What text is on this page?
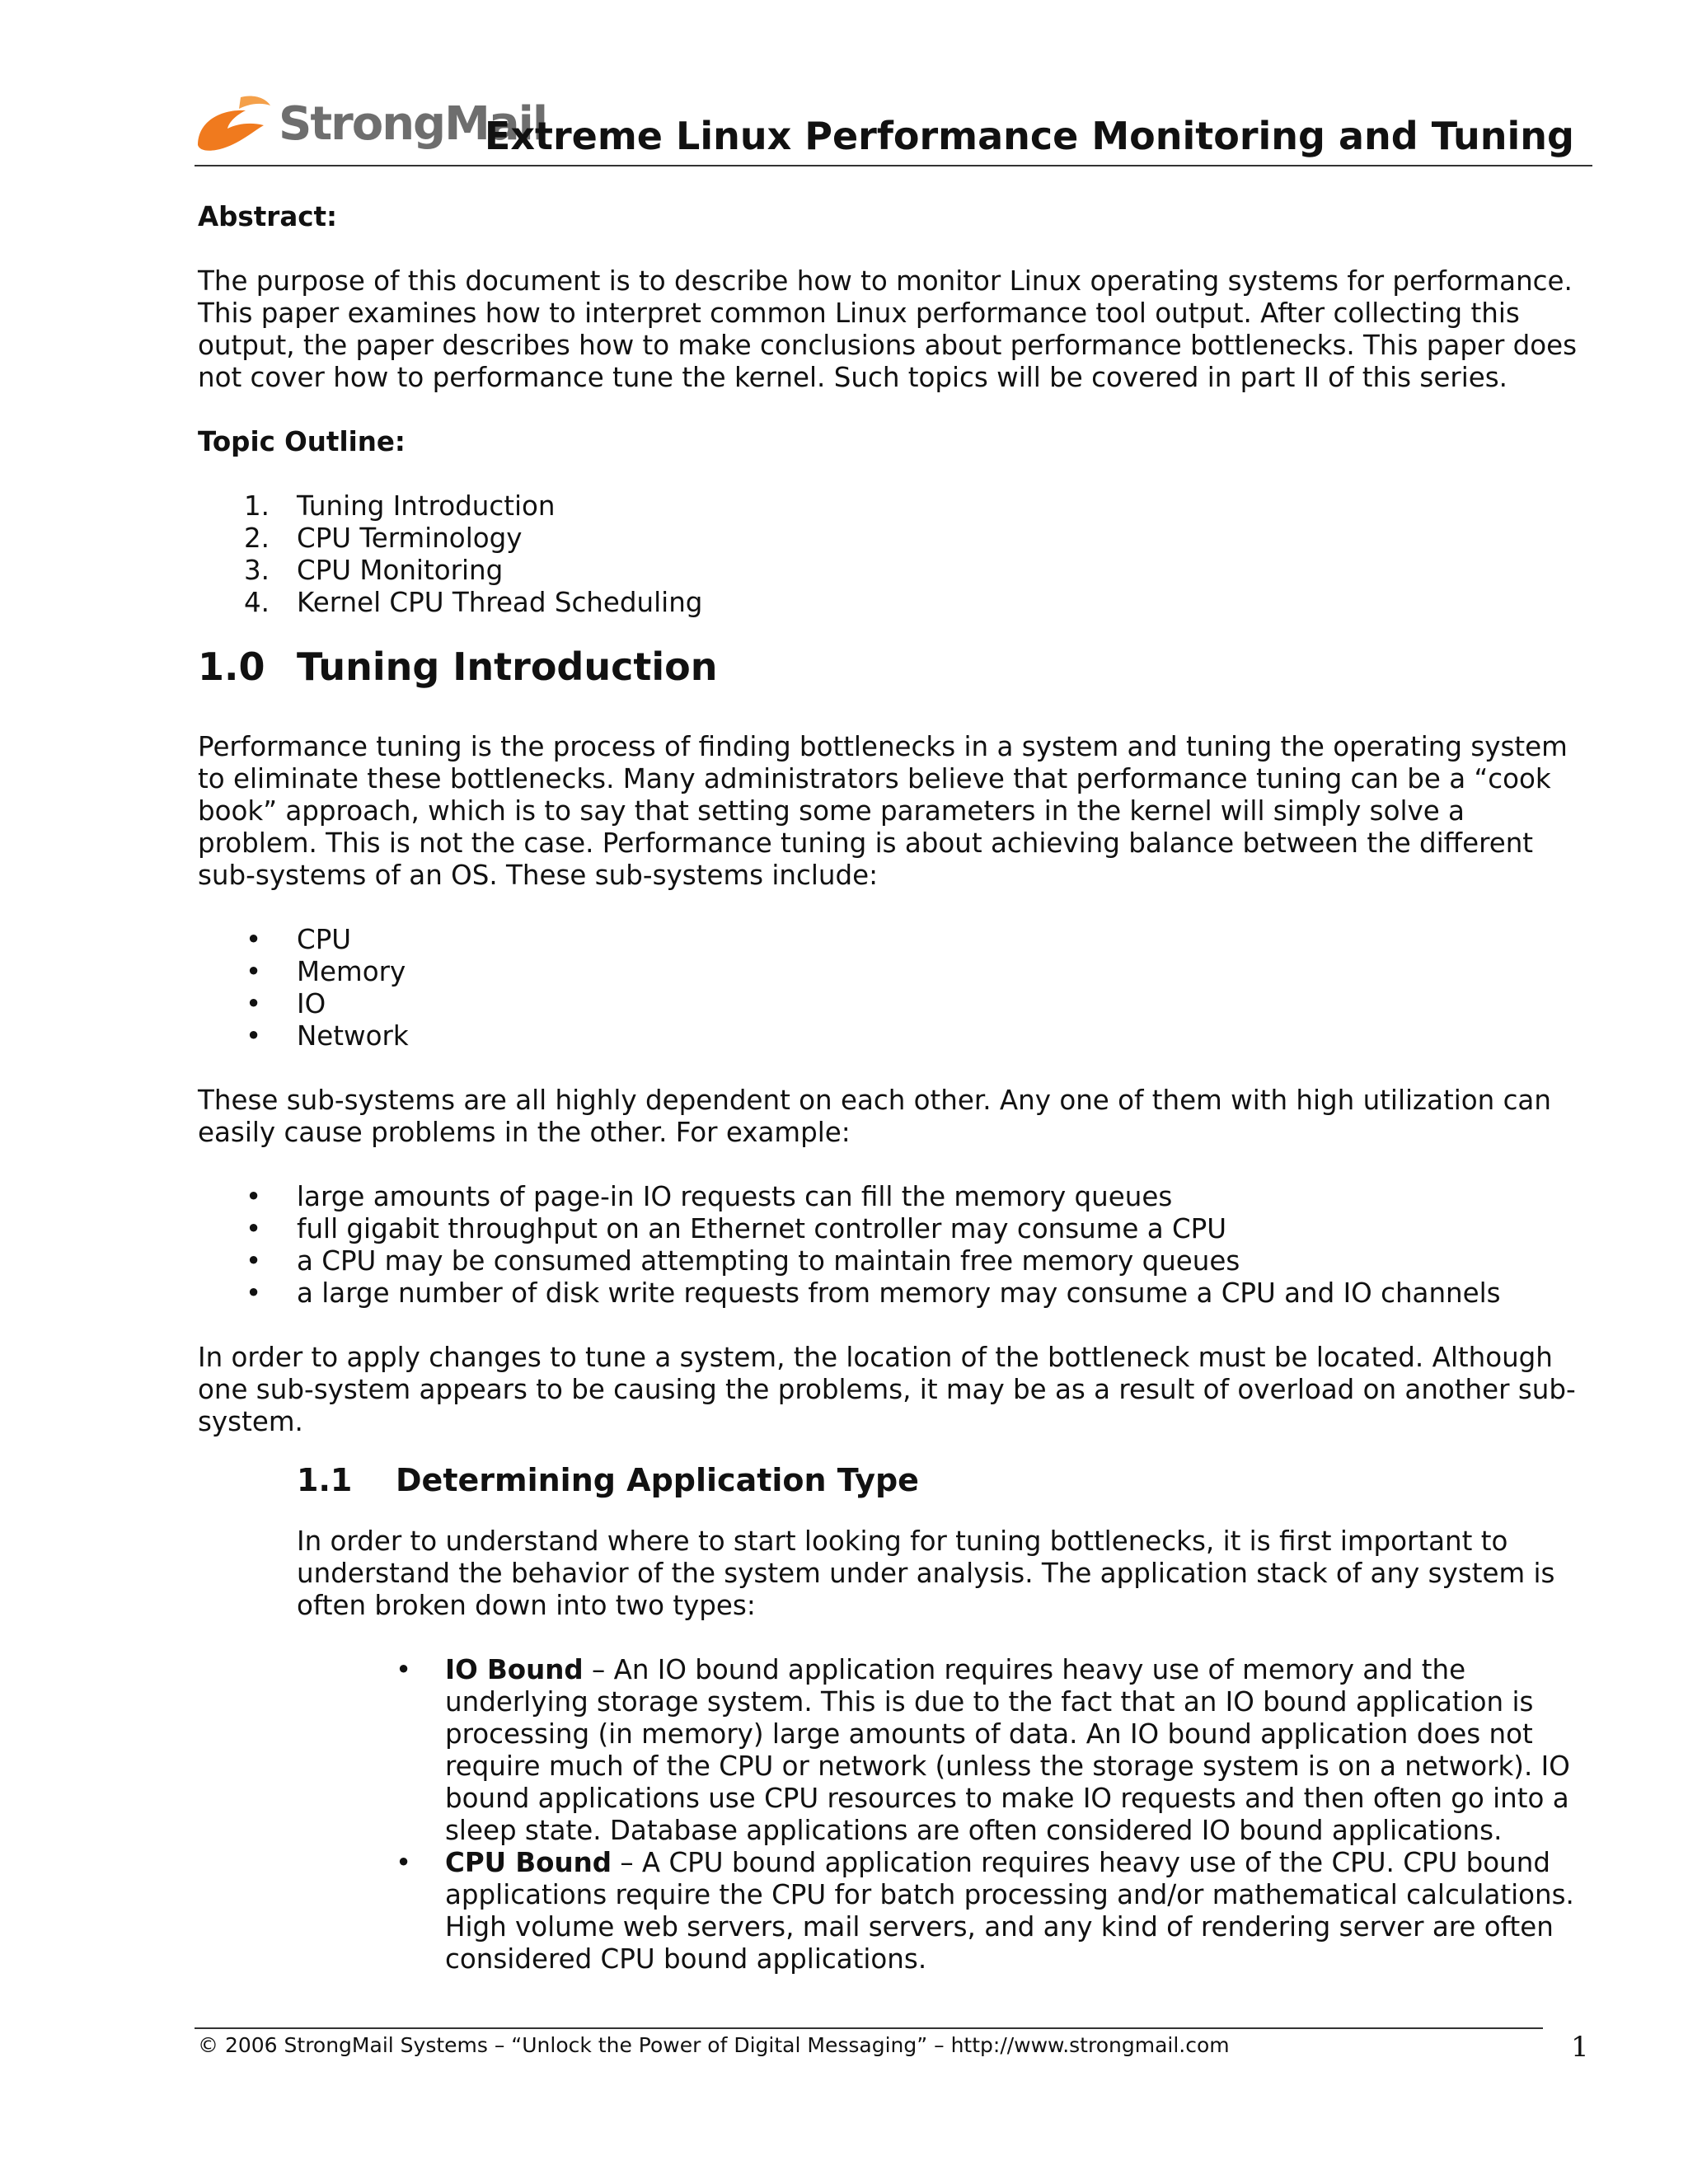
StrongMail
Extreme Linux Performance Monitoring and Tuning

Abstract:

The purpose of this document is to describe how to monitor Linux operating systems for performance. This paper examines how to interpret common Linux performance tool output. After collecting this output, the paper describes how to make conclusions about performance bottlenecks. This paper does not cover how to performance tune the kernel. Such topics will be covered in part II of this series.

Topic Outline:

1. Tuning Introduction
2. CPU Terminology
3. CPU Monitoring
4. Kernel CPU Thread Scheduling
1.0 Tuning Introduction

Performance tuning is the process of finding bottlenecks in a system and tuning the operating system to eliminate these bottlenecks. Many administrators believe that performance tuning can be a “cook book” approach, which is to say that setting some parameters in the kernel will simply solve a problem. This is not the case. Performance tuning is about achieving balance between the different sub-systems of an OS. These sub-systems include:

• CPU
• Memory
• IO
• Network

These sub-systems are all highly dependent on each other. Any one of them with high utilization can easily cause problems in the other. For example:

• large amounts of page-in IO requests can fill the memory queues
• full gigabit throughput on an Ethernet controller may consume a CPU
• a CPU may be consumed attempting to maintain free memory queues
• a large number of disk write requests from memory may consume a CPU and IO channels

In order to apply changes to tune a system, the location of the bottleneck must be located. Although one sub-system appears to be causing the problems, it may be as a result of overload on another sub-system.

1.1	Determining Application Type

In order to understand where to start looking for tuning bottlenecks, it is first important to understand the behavior of the system under analysis. The application stack of any system is often broken down into two types:

• IO Bound – An IO bound application requires heavy use of memory and the underlying storage system. This is due to the fact that an IO bound application is processing (in memory) large amounts of data. An IO bound application does not require much of the CPU or network (unless the storage system is on a network). IO bound applications use CPU resources to make IO requests and then often go into a sleep state. Database applications are often considered IO bound applications.
• CPU Bound – A CPU bound application requires heavy use of the CPU. CPU bound applications require the CPU for batch processing and/or mathematical calculations. High volume web servers, mail servers, and any kind of rendering server are often considered CPU bound applications.
© 2006 StrongMail Systems – “Unlock the Power of Digital Messaging” – http://www.strongmail.com	1
